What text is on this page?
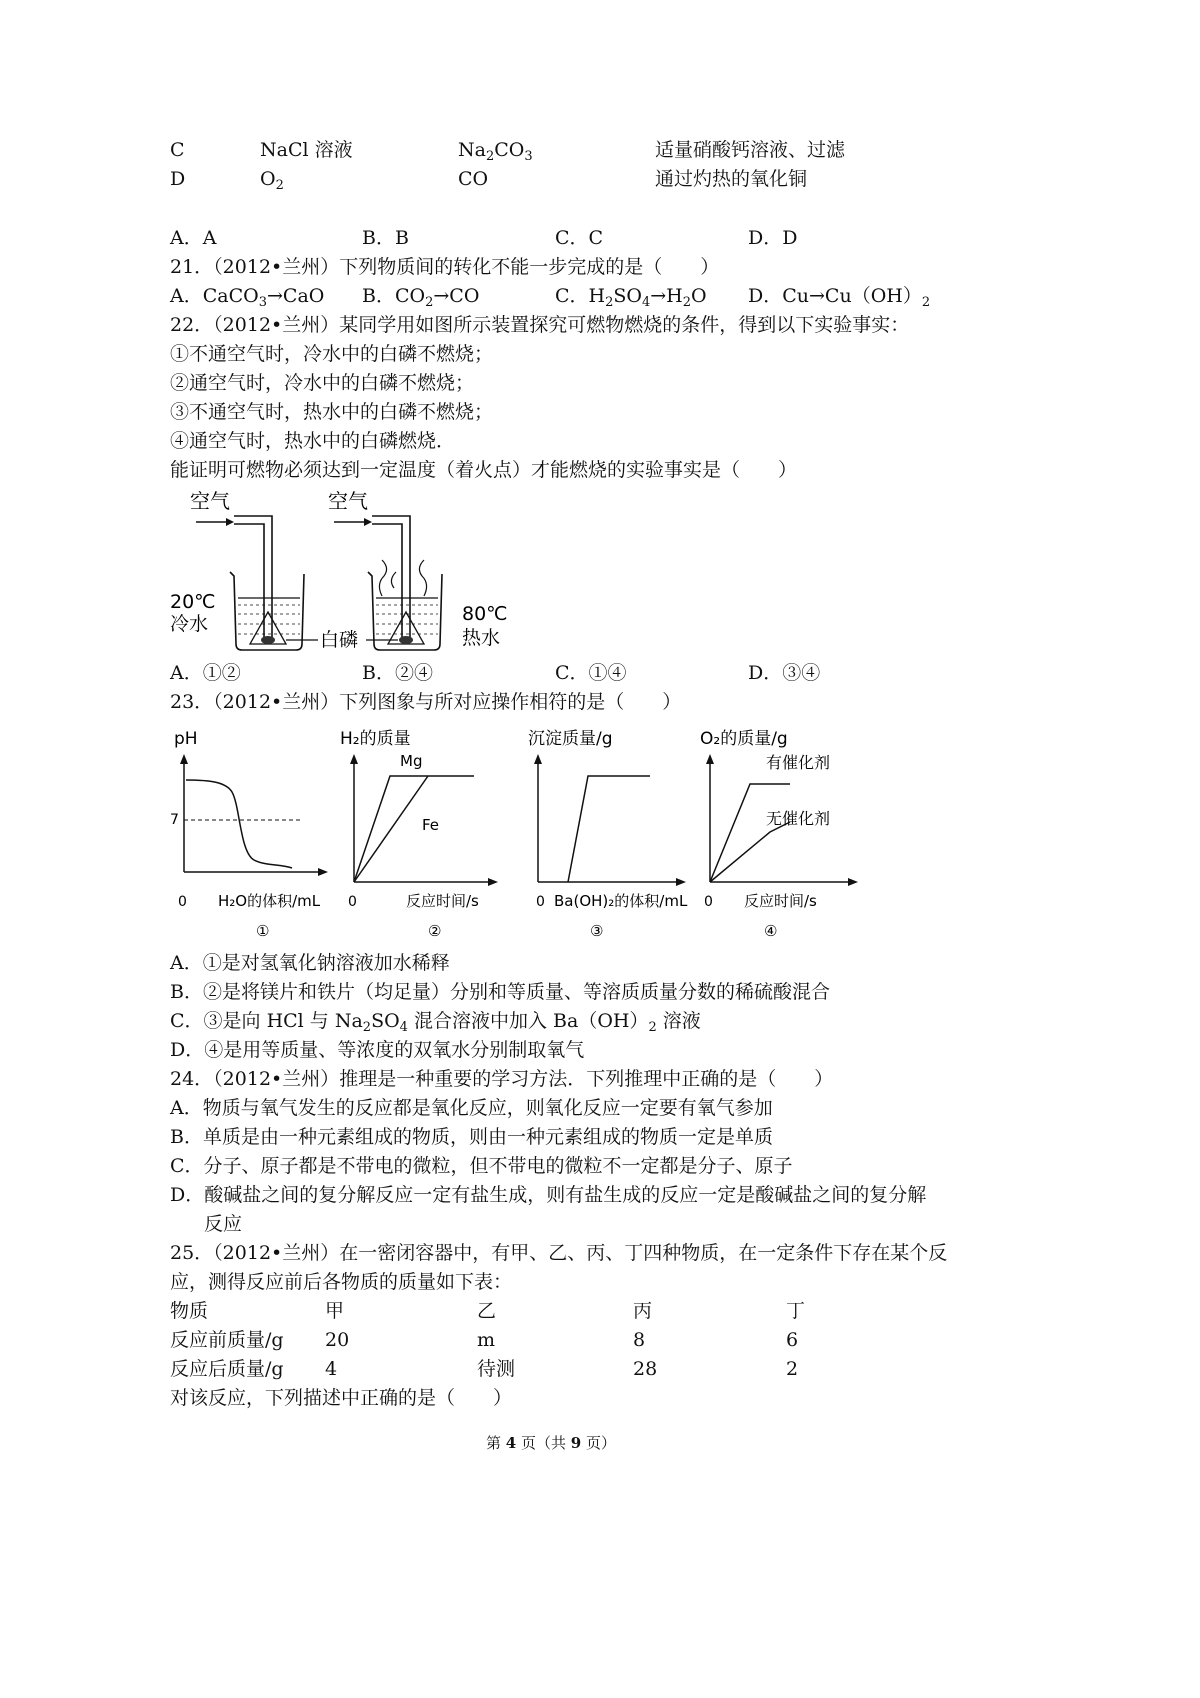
C	NaCl 溶液	$Na_2CO_3$	适量硝酸钙溶液、过滤
D	$O_2$	CO	通过灼热的氧化铜
A．A	B．B	C．C	D．D
21．（2012•兰州）下列物质间的转化不能一步完成的是（　　）
A．CaCO$_3$→CaO B．$CO_2\to CO$	C．$H_2SO_4\to H_2O$ D．$Cu\to Cu(OH)_2$
22．（2012•兰州）某同学用如图所示装置探究可燃物燃烧的条件，得到以下实验事实：
①不通空气时，冷水中的白磷不燃烧；
②通空气时，冷水中的白磷不燃烧；
③不通空气时，热水中的白磷不燃烧；
④通空气时，热水中的白磷燃烧．
能证明可燃物必须达到一定温度（着火点）才能燃烧的实验事实是（　　）
空气
20℃
冷水
空气
80℃
热水
白磷
A．①②	B．②④	C．①④	D．③④
23．（2012•兰州）下列图象与所对应操作相符的是（　　）
pH
7
0 H₂O的体积/mL
①
H₂的质量
Mg
Fe
0	反应时间/s
②
沉淀质量/g
0 Ba(OH)₂的体积/mL
③
O₂的质量/g
有催化剂
无催化剂
0 反应时间/s
④
A．①是对氢氧化钠溶液加水稀释
B．②是将镁片和铁片（均足量）分别和等质量、等溶质质量分数的稀硫酸混合
C．③是向 HCl 与 $Na_2SO_4$ 混合溶液中加入 $Ba(OH)_2$ 溶液
D．④是用等质量、等浓度的双氧水分别制取氧气
24．（2012•兰州）推理是一种重要的学习方法．下列推理中正确的是（　　）
A．物质与氧气发生的反应都是氧化反应，则氧化反应一定要有氧气参加
B．单质是由一种元素组成的物质，则由一种元素组成的物质一定是单质
C．分子、原子都是不带电的微粒，但不带电的微粒不一定都是分子、原子
D．酸碱盐之间的复分解反应一定有盐生成，则有盐生成的反应一定是酸碱盐之间的复分解
反应
25．（2012•兰州）在一密闭容器中，有甲、乙、丙、丁四种物质，在一定条件下存在某个反
应，测得反应前后各物质的质量如下表：
物质	甲	乙	丙	丁
反应前质量/g 20	m	8	6
反应后质量/g 4	待测	28	2
对该反应，下列描述中正确的是（　　）
第 4 页（共 9 页）
